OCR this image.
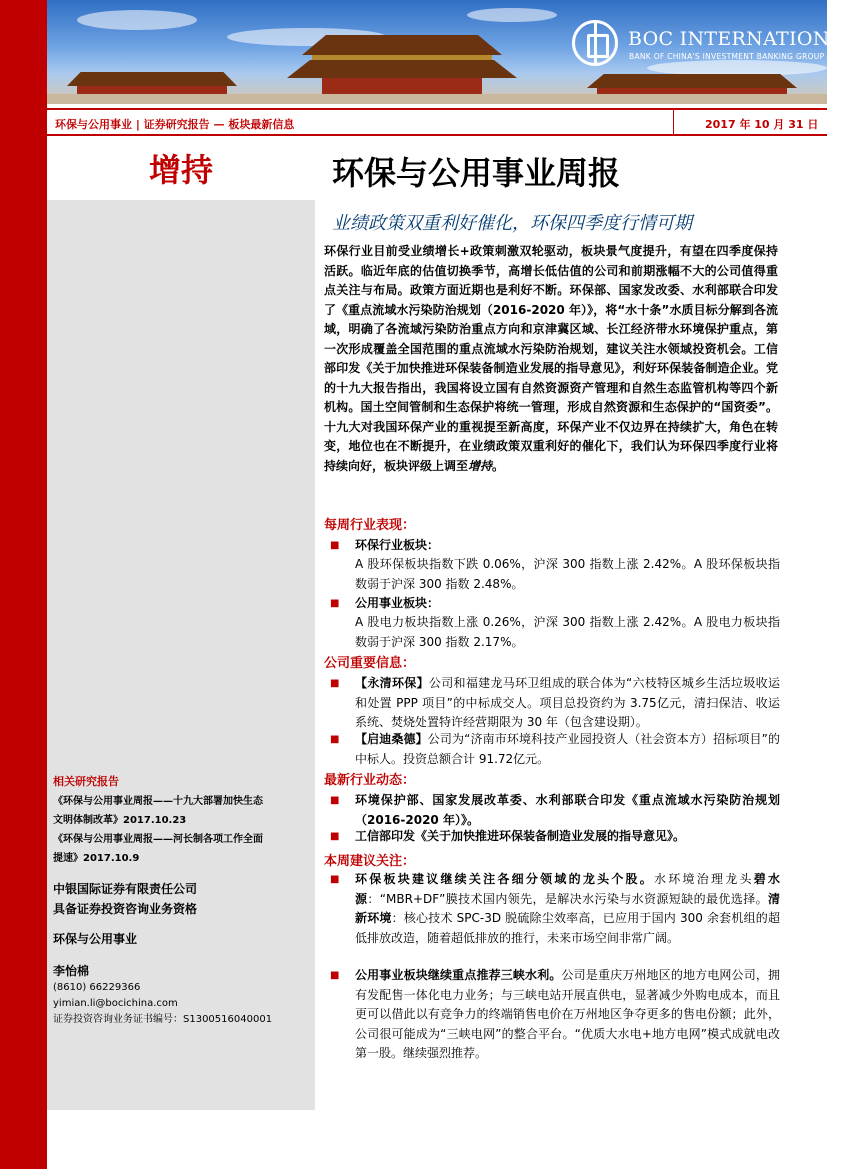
BOC INTERNATIONAL
BANK OF CHINA'S INVESTMENT BANKING GROUP
环保与公用事业 | 证券研究报告 — 板块最新信息	2017 年 10 月 31 日
增持	环保与公用事业周报
业绩政策双重利好催化，环保四季度行情可期
环保行业目前受业绩增长+政策刺激双轮驱动，板块景气度提升，有望在四季度保持活跃。临近年底的估值切换季节，高增长低估值的公司和前期涨幅不大的公司值得重点关注与布局。政策方面近期也是利好不断。环保部、国家发改委、水利部联合印发了《重点流域水污染防治规划（2016-2020 年）》，将“水十条”水质目标分解到各流域，明确了各流域污染防治重点方向和京津冀区域、长江经济带水环境保护重点，第一次形成覆盖全国范围的重点流域水污染防治规划，建议关注水领域投资机会。工信部印发《关于加快推进环保装备制造业发展的指导意见》，利好环保装备制造企业。党的十九大报告指出，我国将设立国有自然资源资产管理和自然生态监管机构等四个新机构。国土空间管制和生态保护将统一管理，形成自然资源和生态保护的“国资委”。十九大对我国环保产业的重视提至新高度，环保产业不仅边界在持续扩大，角色在转变，地位也在不断提升，在业绩政策双重利好的催化下，我们认为环保四季度行业将持续向好，板块评级上调至增持。
每周行业表现：
■ 环保行业板块：
A 股环保板块指数下跌 0.06%，沪深 300 指数上涨 2.42%。A 股环保板块指数弱于沪深 300 指数 2.48%。
■ 公用事业板块：
A 股电力板块指数上涨 0.26%，沪深 300 指数上涨 2.42%。A 股电力板块指数弱于沪深 300 指数 2.17%。
公司重要信息：
■ 【永清环保】公司和福建龙马环卫组成的联合体为“六枝特区城乡生活垃圾收运和处置 PPP 项目”的中标成交人。项目总投资约为 3.75亿元，清扫保洁、收运系统、焚烧处置特许经营期限为 30 年（包含建设期）。
■ 【启迪桑德】公司为“济南市环境科技产业园投资人（社会资本方）招标项目”的中标人。投资总额合计 91.72亿元。
最新行业动态：
■ 环境保护部、国家发展改革委、水利部联合印发《重点流域水污染防治规划（2016-2020 年）》。
■ 工信部印发《关于加快推进环保装备制造业发展的指导意见》。
本周建议关注：
■ 环保板块建议继续关注各细分领域的龙头个股。水环境治理龙头碧水源：“MBR+DF”膜技术国内领先，是解决水污染与水资源短缺的最优选择。清新环境：核心技术 SPC-3D 脱硫除尘效率高，已应用于国内 300 余套机组的超低排放改造，随着超低排放的推行，未来市场空间非常广阔。
■ 公用事业板块继续重点推荐三峡水利。公司是重庆万州地区的地方电网公司，拥有发配售一体化电力业务；与三峡电站开展直供电，显著减少外购电成本，而且更可以借此以有竞争力的终端销售电价在万州地区争夺更多的售电份额；此外，公司很可能成为“三峡电网”的整合平台。“优质大水电+地方电网”模式成就电改第一股。继续强烈推荐。
相关研究报告
《环保与公用事业周报——十九大部署加快生态
文明体制改革》2017.10.23
《环保与公用事业周报——河长制各项工作全面
提速》2017.10.9
中银国际证券有限责任公司
具备证券投资咨询业务资格
环保与公用事业
李怡棉
(8610) 66229366
yimian.li@bocichina.com
证券投资咨询业务证书编号：S1300516040001
